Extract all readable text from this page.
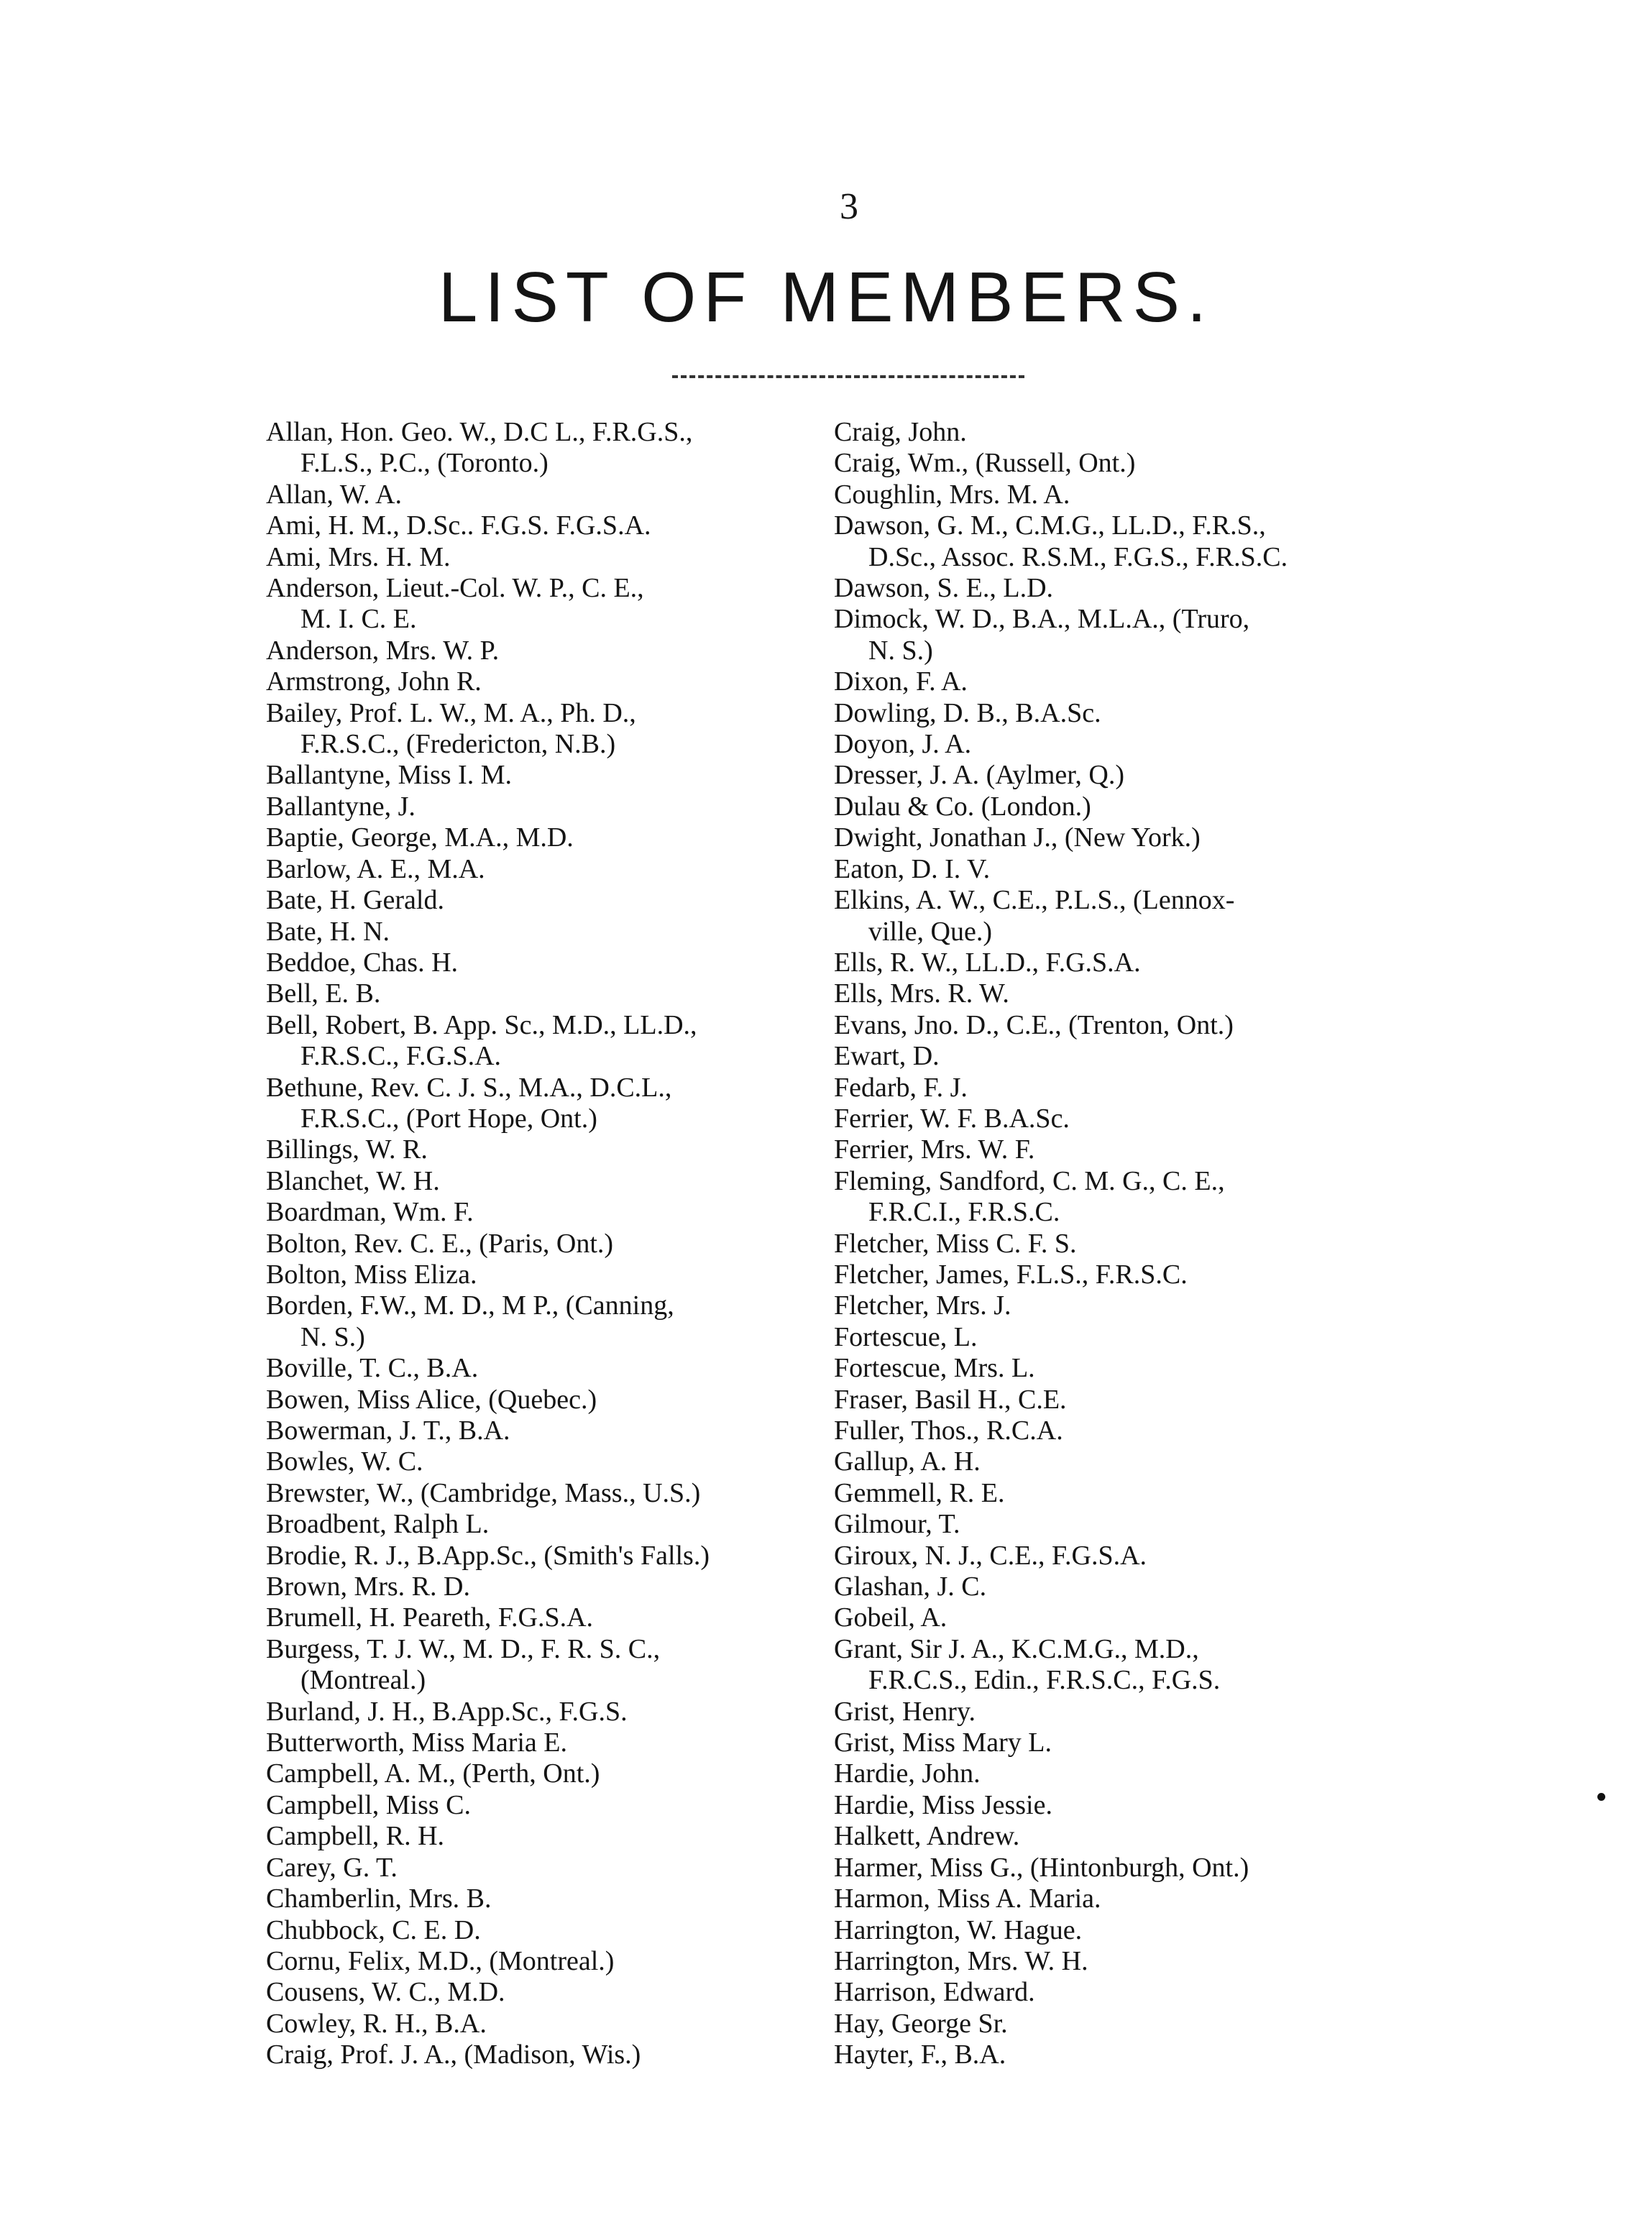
3
LIST OF MEMBERS.
Allan, Hon. Geo. W., D.C L., F.R.G.S.,
F.L.S., P.C., (Toronto.)
Allan, W. A.
Ami, H. M., D.Sc.. F.G.S. F.G.S.A.
Ami, Mrs. H. M.
Anderson, Lieut.-Col. W. P., C. E.,
M. I. C. E.
Anderson, Mrs. W. P.
Armstrong, John R.
Bailey, Prof. L. W., M. A., Ph. D.,
F.R.S.C., (Fredericton, N.B.)
Ballantyne, Miss I. M.
Ballantyne, J.
Baptie, George, M.A., M.D.
Barlow, A. E., M.A.
Bate, H. Gerald.
Bate, H. N.
Beddoe, Chas. H.
Bell, E. B.
Bell, Robert, B. App. Sc., M.D., LL.D.,
F.R.S.C., F.G.S.A.
Bethune, Rev. C. J. S., M.A., D.C.L.,
F.R.S.C., (Port Hope, Ont.)
Billings, W. R.
Blanchet, W. H.
Boardman, Wm. F.
Bolton, Rev. C. E., (Paris, Ont.)
Bolton, Miss Eliza.
Borden, F.W., M. D., M P., (Canning,
N. S.)
Boville, T. C., B.A.
Bowen, Miss Alice, (Quebec.)
Bowerman, J. T., B.A.
Bowles, W. C.
Brewster, W., (Cambridge, Mass., U.S.)
Broadbent, Ralph L.
Brodie, R. J., B.App.Sc., (Smith's Falls.)
Brown, Mrs. R. D.
Brumell, H. Peareth, F.G.S.A.
Burgess, T. J. W., M. D., F. R. S. C.,
(Montreal.)
Burland, J. H., B.App.Sc., F.G.S.
Butterworth, Miss Maria E.
Campbell, A. M., (Perth, Ont.)
Campbell, Miss C.
Campbell, R. H.
Carey, G. T.
Chamberlin, Mrs. B.
Chubbock, C. E. D.
Cornu, Felix, M.D., (Montreal.)
Cousens, W. C., M.D.
Cowley, R. H., B.A.
Craig, Prof. J. A., (Madison, Wis.)
Craig, John.
Craig, Wm., (Russell, Ont.)
Coughlin, Mrs. M. A.
Dawson, G. M., C.M.G., LL.D., F.R.S.,
D.Sc., Assoc. R.S.M., F.G.S., F.R.S.C.
Dawson, S. E., L.D.
Dimock, W. D., B.A., M.L.A., (Truro,
N. S.)
Dixon, F. A.
Dowling, D. B., B.A.Sc.
Doyon, J. A.
Dresser, J. A. (Aylmer, Q.)
Dulau & Co. (London.)
Dwight, Jonathan J., (New York.)
Eaton, D. I. V.
Elkins, A. W., C.E., P.L.S., (Lennox-
ville, Que.)
Ells, R. W., LL.D., F.G.S.A.
Ells, Mrs. R. W.
Evans, Jno. D., C.E., (Trenton, Ont.)
Ewart, D.
Fedarb, F. J.
Ferrier, W. F. B.A.Sc.
Ferrier, Mrs. W. F.
Fleming, Sandford, C. M. G., C. E.,
F.R.C.I., F.R.S.C.
Fletcher, Miss C. F. S.
Fletcher, James, F.L.S., F.R.S.C.
Fletcher, Mrs. J.
Fortescue, L.
Fortescue, Mrs. L.
Fraser, Basil H., C.E.
Fuller, Thos., R.C.A.
Gallup, A. H.
Gemmell, R. E.
Gilmour, T.
Giroux, N. J., C.E., F.G.S.A.
Glashan, J. C.
Gobeil, A.
Grant, Sir J. A., K.C.M.G., M.D.,
F.R.C.S., Edin., F.R.S.C., F.G.S.
Grist, Henry.
Grist, Miss Mary L.
Hardie, John.
Hardie, Miss Jessie.
Halkett, Andrew.
Harmer, Miss G., (Hintonburgh, Ont.)
Harmon, Miss A. Maria.
Harrington, W. Hague.
Harrington, Mrs. W. H.
Harrison, Edward.
Hay, George Sr.
Hayter, F., B.A.
